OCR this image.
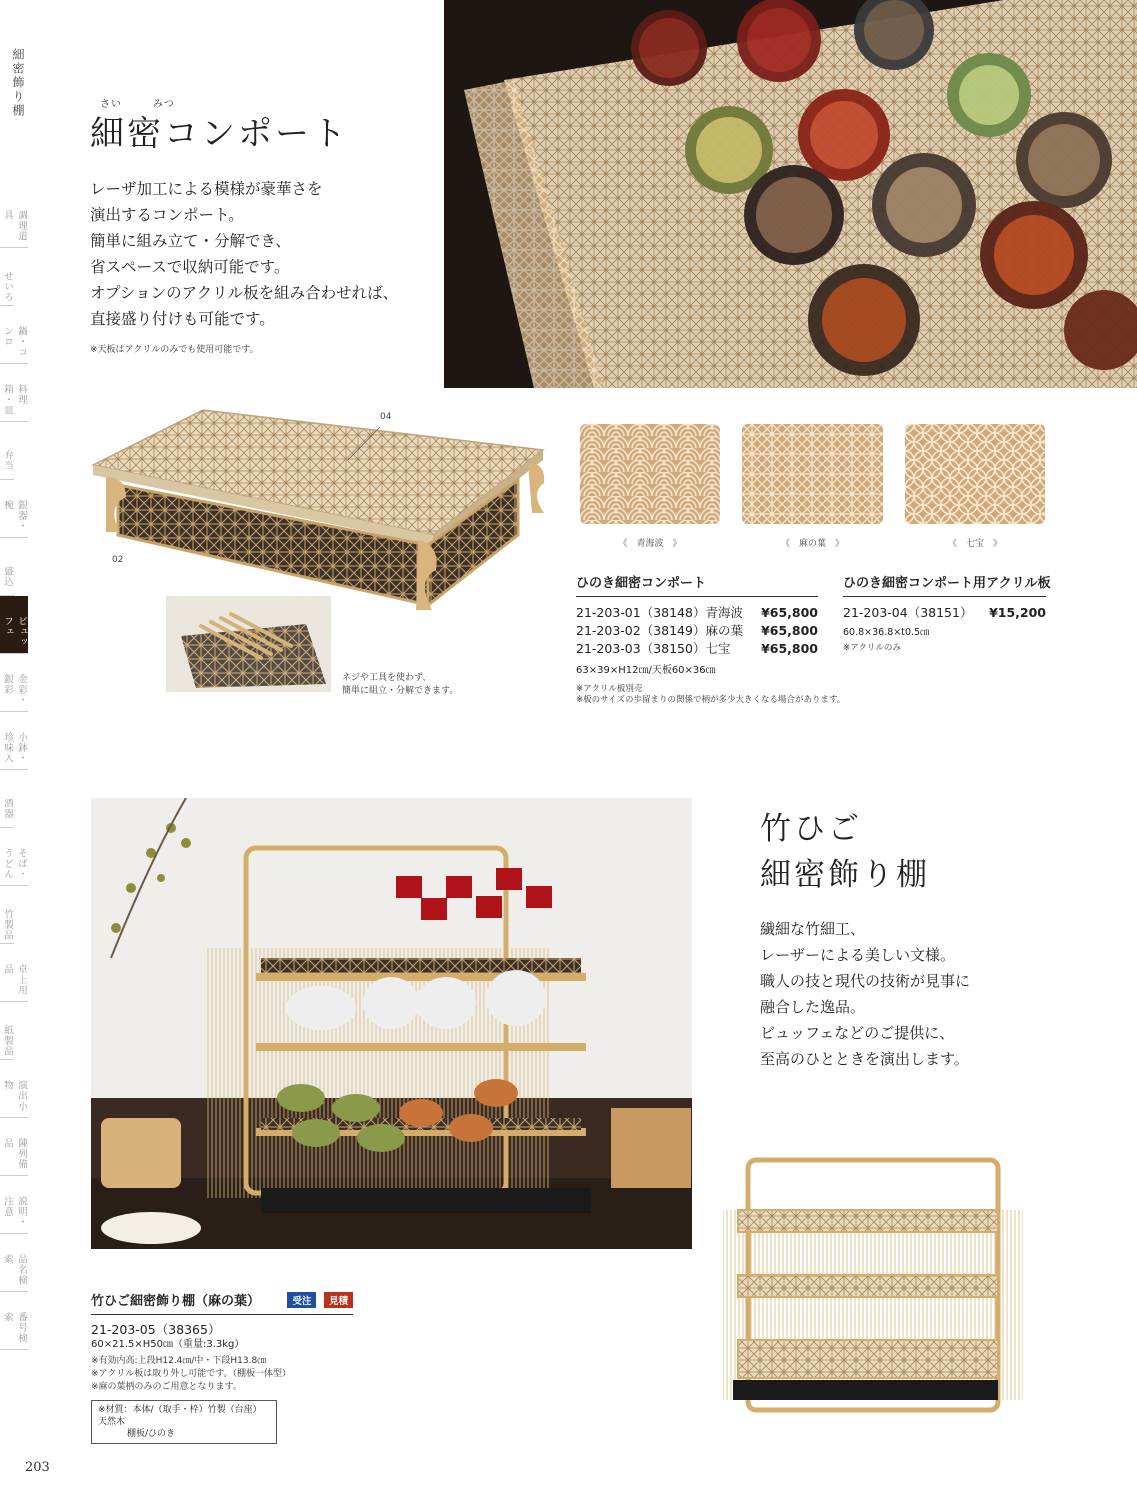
細密飾り棚
調理道具
せいろ
鍋・コンロ
料理箱・皿
弁当
銀器・椀
盛込
ビュッフェ
金彩・銀彩
小鉢・珍味入
酒器
そば・うどん
竹製品
卓上用品
紙製品
演出小物
陳列備品
説明・注意
品名検索
番号検索
203
さい	みつ
細密コンポート
レーザ加工による模様が豪華さを
演出するコンポート。
簡単に組み立て・分解でき、
省スペースで収納可能です。
オプションのアクリル板を組み合わせれば、
直接盛り付けも可能です。
※天板はアクリルのみでも使用可能です。
04
02
ネジや工具を使わず、
簡単に組立・分解できます。
《　青海波　》	《　麻の葉　》	《　七宝　》
ひのき細密コンポート
21-203-01（38148）青海波 ¥65,800
21-203-02（38149）麻の葉 ¥65,800
21-203-03（38150）七宝 ¥65,800
63×39×H12㎝/天板60×36㎝
※アクリル板別売
※板のサイズの歩留まりの関係で柄が多少大きくなる場合があります。
ひのき細密コンポート用アクリル板
21-203-04（38151） ¥15,200
60.8×36.8×t0.5㎝
※アクリルのみ
竹ひご
細密飾り棚
繊細な竹細工、
レーザーによる美しい文様。
職人の技と現代の技術が見事に
融合した逸品。
ビュッフェなどのご提供に、
至高のひとときを演出します。
竹ひご細密飾り棚（麻の葉）	受注 見積
21-203-05（38365）
60×21.5×H50㎝（重量:3.3kg）
※有効内高:上段H12.4㎝/中・下段H13.8㎝
※アクリル板は取り外し可能です。（棚板一体型）
※麻の葉柄のみのご用意となります。
※材質：本体/（取手・枠）竹製（台座）天然木
棚板/ひのき
